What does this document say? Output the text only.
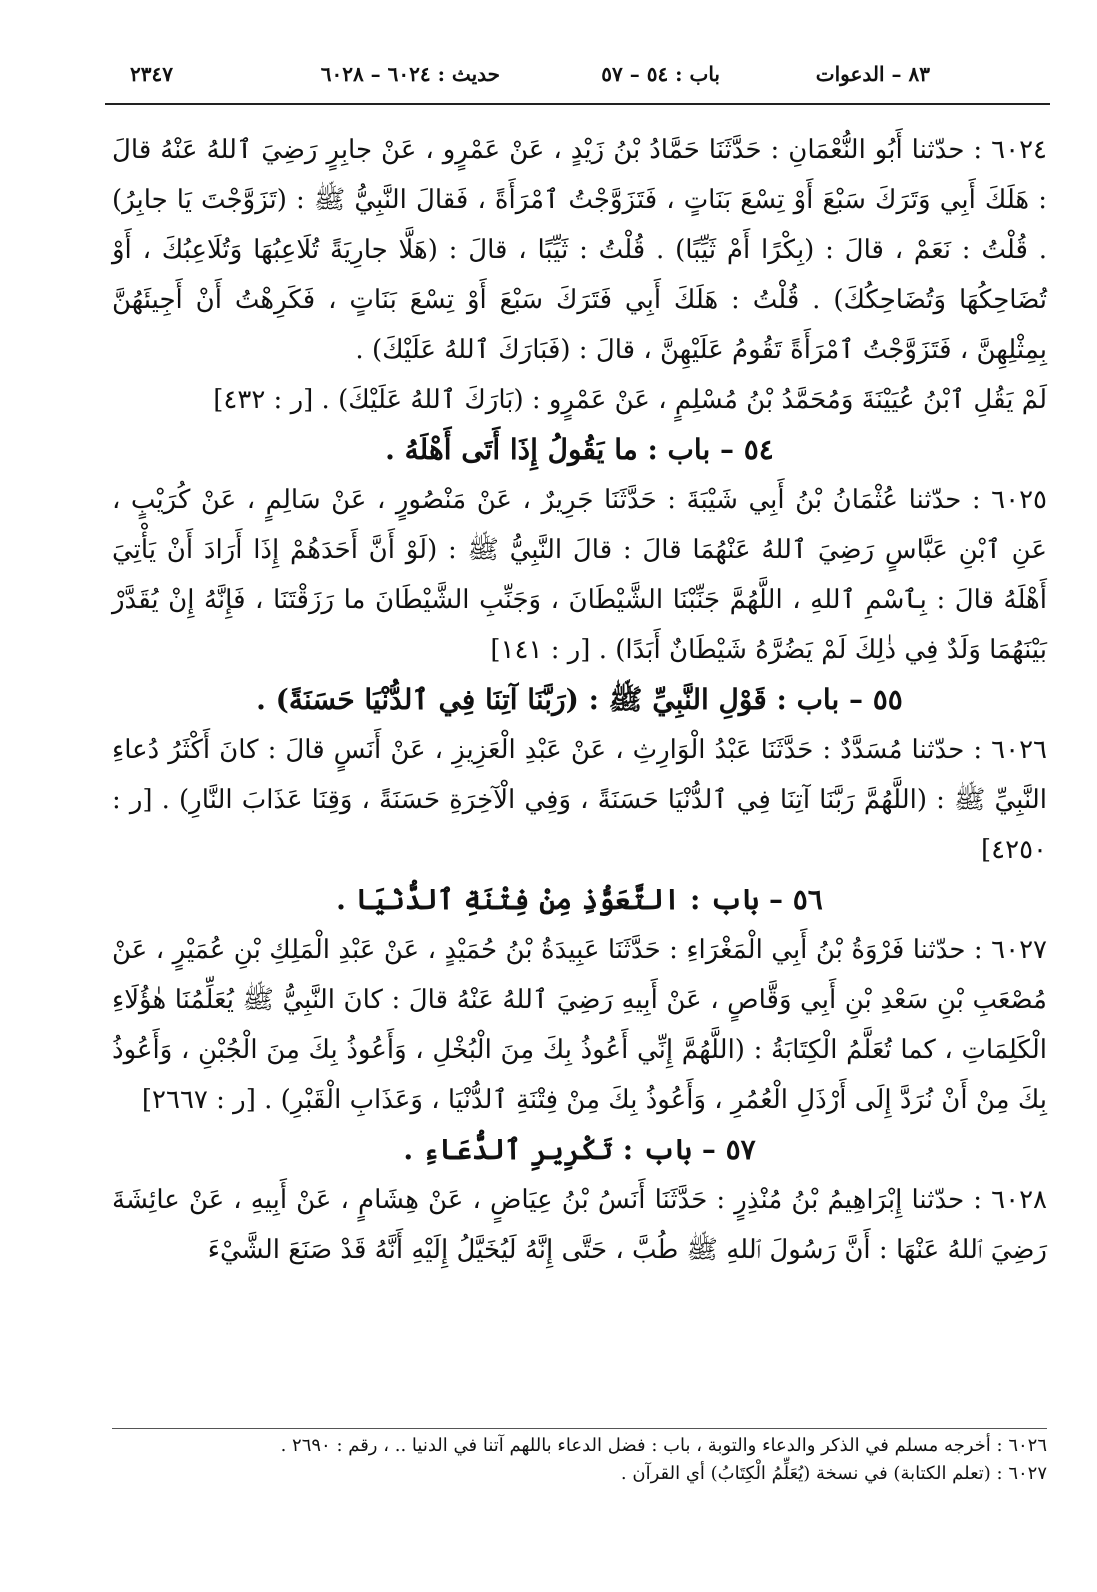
٨٣ – الدعوات
باب : ٥٤ – ٥٧
حديث : ٦٠٢٤ – ٦٠٢٨
٢٣٤٧

٦٠٢٤ : حدّثنا أَبُو النُّعْمَانِ : حَدَّثَنَا حَمَّادُ بْنُ زَيْدٍ ، عَنْ عَمْرٍو ، عَنْ جابِرٍ رَضِيَ ٱللهُ عَنْهُ قالَ : هَلَكَ أَبِي وَتَرَكَ سَبْعَ أَوْ تِسْعَ بَنَاتٍ ، فَتَزَوَّجْتُ ٱمْرَأَةً ، فَقالَ النَّبِيُّ ﷺ : (تَزَوَّجْتَ يَا جابِرُ) . قُلْتُ : نَعَمْ ، قالَ : (بِكْرًا أَمْ ثَيِّبًا) . قُلْتُ : ثَيِّبًا ، قالَ : (هَلَّا جارِيَةً تُلَاعِبُهَا وَتُلَاعِبُكَ ، أَوْ تُضَاحِكُهَا وَتُضَاحِكُكَ) . قُلْتُ : هَلَكَ أَبِي فَتَرَكَ سَبْعَ أَوْ تِسْعَ بَنَاتٍ ، فَكَرِهْتُ أَنْ أَجِيئَهُنَّ بِمِثْلِهِنَّ ، فَتَزَوَّجْتُ ٱمْرَأَةً تَقُومُ عَلَيْهِنَّ ، قالَ : (فَبَارَكَ ٱللهُ عَلَيْكَ) .

لَمْ يَقُلِ ٱبْنُ عُيَيْنَةَ وَمُحَمَّدُ بْنُ مُسْلِمٍ ، عَنْ عَمْرٍو : (بَارَكَ ٱللهُ عَلَيْكَ) . [ر : ٤٣٢]

٥٤ – باب : ما يَقُولُ إِذَا أَتَى أَهْلَهُ .

٦٠٢٥ : حدّثنا عُثْمَانُ بْنُ أَبِي شَيْبَةَ : حَدَّثَنَا جَرِيرٌ ، عَنْ مَنْصُورٍ ، عَنْ سَالِمٍ ، عَنْ كُرَيْبٍ ، عَنِ ٱبْنِ عَبَّاسٍ رَضِيَ ٱللهُ عَنْهُمَا قالَ : قالَ النَّبِيُّ ﷺ : (لَوْ أَنَّ أَحَدَهُمْ إِذَا أَرَادَ أَنْ يَأْتِيَ أَهْلَهُ قالَ : بِٱسْمِ ٱللهِ ، اللَّهُمَّ جَنِّبْنَا الشَّيْطَانَ ، وَجَنِّبِ الشَّيْطَانَ ما رَزَقْتَنَا ، فَإِنَّهُ إِنْ يُقَدَّرْ بَيْنَهُمَا وَلَدٌ فِي ذٰلِكَ لَمْ يَضُرَّهُ شَيْطَانٌ أَبَدًا) . [ر : ١٤١]

٥٥ – باب : قَوْلِ النَّبِيِّ ﷺ : (رَبَّنَا آتِنَا فِي ٱلدُّنْيَا حَسَنَةً) .

٦٠٢٦ : حدّثنا مُسَدَّدٌ : حَدَّثَنَا عَبْدُ الْوَارِثِ ، عَنْ عَبْدِ الْعَزِيزِ ، عَنْ أَنَسٍ قالَ : كانَ أَكْثَرُ دُعاءِ النَّبِيِّ ﷺ : (اللَّهُمَّ رَبَّنَا آتِنَا فِي ٱلدُّنْيَا حَسَنَةً ، وَفِي الْآخِرَةِ حَسَنَةً ، وَقِنَا عَذَابَ النَّارِ) . [ر : ٤٢٥٠]

٥٦ – باب : التَّعَوُّذِ مِنْ فِتْنَةِ ٱلدُّنْيَا .

٦٠٢٧ : حدّثنا فَرْوَةُ بْنُ أَبِي الْمَغْرَاءِ : حَدَّثَنَا عَبِيدَةُ بْنُ حُمَيْدٍ ، عَنْ عَبْدِ الْمَلِكِ بْنِ عُمَيْرٍ ، عَنْ مُصْعَبِ بْنِ سَعْدِ بْنِ أَبِي وَقَّاصٍ ، عَنْ أَبِيهِ رَضِيَ ٱللهُ عَنْهُ قالَ : كانَ النَّبِيُّ ﷺ يُعَلِّمُنَا هٰؤُلَاءِ الْكَلِمَاتِ ، كما تُعَلَّمُ الْكِتَابَةُ : (اللَّهُمَّ إِنِّي أَعُوذُ بِكَ مِنَ الْبُخْلِ ، وَأَعُوذُ بِكَ مِنَ الْجُبْنِ ، وَأَعُوذُ بِكَ مِنْ أَنْ نُرَدَّ إِلَى أَرْذَلِ الْعُمُرِ ، وَأَعُوذُ بِكَ مِنْ فِتْنَةِ ٱلدُّنْيَا ، وَعَذَابِ الْقَبْرِ) . [ر : ٢٦٦٧]

٥٧ – باب : تَكْرِيرِ ٱلدُّعَاءِ .

٦٠٢٨ : حدّثنا إِبْرَاهِيمُ بْنُ مُنْذِرٍ : حَدَّثَنَا أَنَسُ بْنُ عِيَاضٍ ، عَنْ هِشَامٍ ، عَنْ أَبِيهِ ، عَنْ عائِشَةَ رَضِيَ ٱللهُ عَنْهَا : أَنَّ رَسُولَ ٱللهِ ﷺ طُبَّ ، حَتَّى إِنَّهُ لَيُخَيَّلُ إِلَيْهِ أَنَّهُ قَدْ صَنَعَ الشَّيْءَ

٦٠٢٦ : أخرجه مسلم في الذكر والدعاء والتوبة ، باب : فضل الدعاء باللهم آتنا في الدنيا .. ، رقم : ٢٦٩٠ .

٦٠٢٧ : (تعلم الكتابة) في نسخة (يُعَلِّمُ الْكِتَابُ) أي القرآن .
